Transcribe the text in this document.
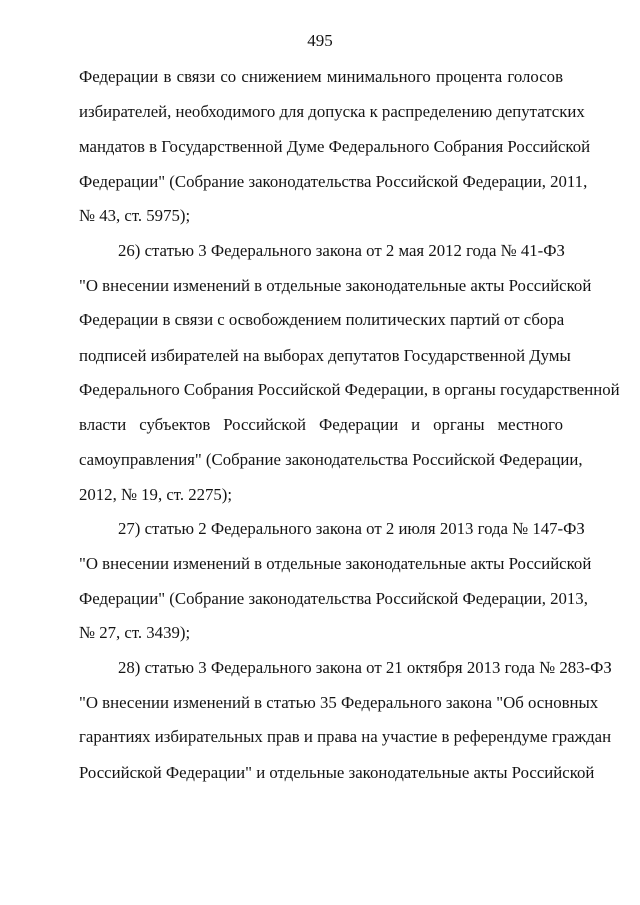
495
Федерации в связи со снижением минимального процента голосов
избирателей, необходимого для допуска к распределению депутатских
мандатов в Государственной Думе Федерального Собрания Российской
Федерации" (Собрание законодательства Российской Федерации, 2011,
№ 43, ст. 5975);
26) статью 3 Федерального закона от 2 мая 2012 года № 41-ФЗ
"О внесении изменений в отдельные законодательные акты Российской
Федерации в связи с освобождением политических партий от сбора
подписей избирателей на выборах депутатов Государственной Думы
Федерального Собрания Российской Федерации, в органы государственной
власти субъектов Российской Федерации и органы местного
самоуправления" (Собрание законодательства Российской Федерации,
2012, № 19, ст. 2275);
27) статью 2 Федерального закона от 2 июля 2013 года № 147-ФЗ
"О внесении изменений в отдельные законодательные акты Российской
Федерации" (Собрание законодательства Российской Федерации, 2013,
№ 27, ст. 3439);
28) статью 3 Федерального закона от 21 октября 2013 года № 283-ФЗ
"О внесении изменений в статью 35 Федерального закона "Об основных
гарантиях избирательных прав и права на участие в референдуме граждан
Российской Федерации" и отдельные законодательные акты Российской
